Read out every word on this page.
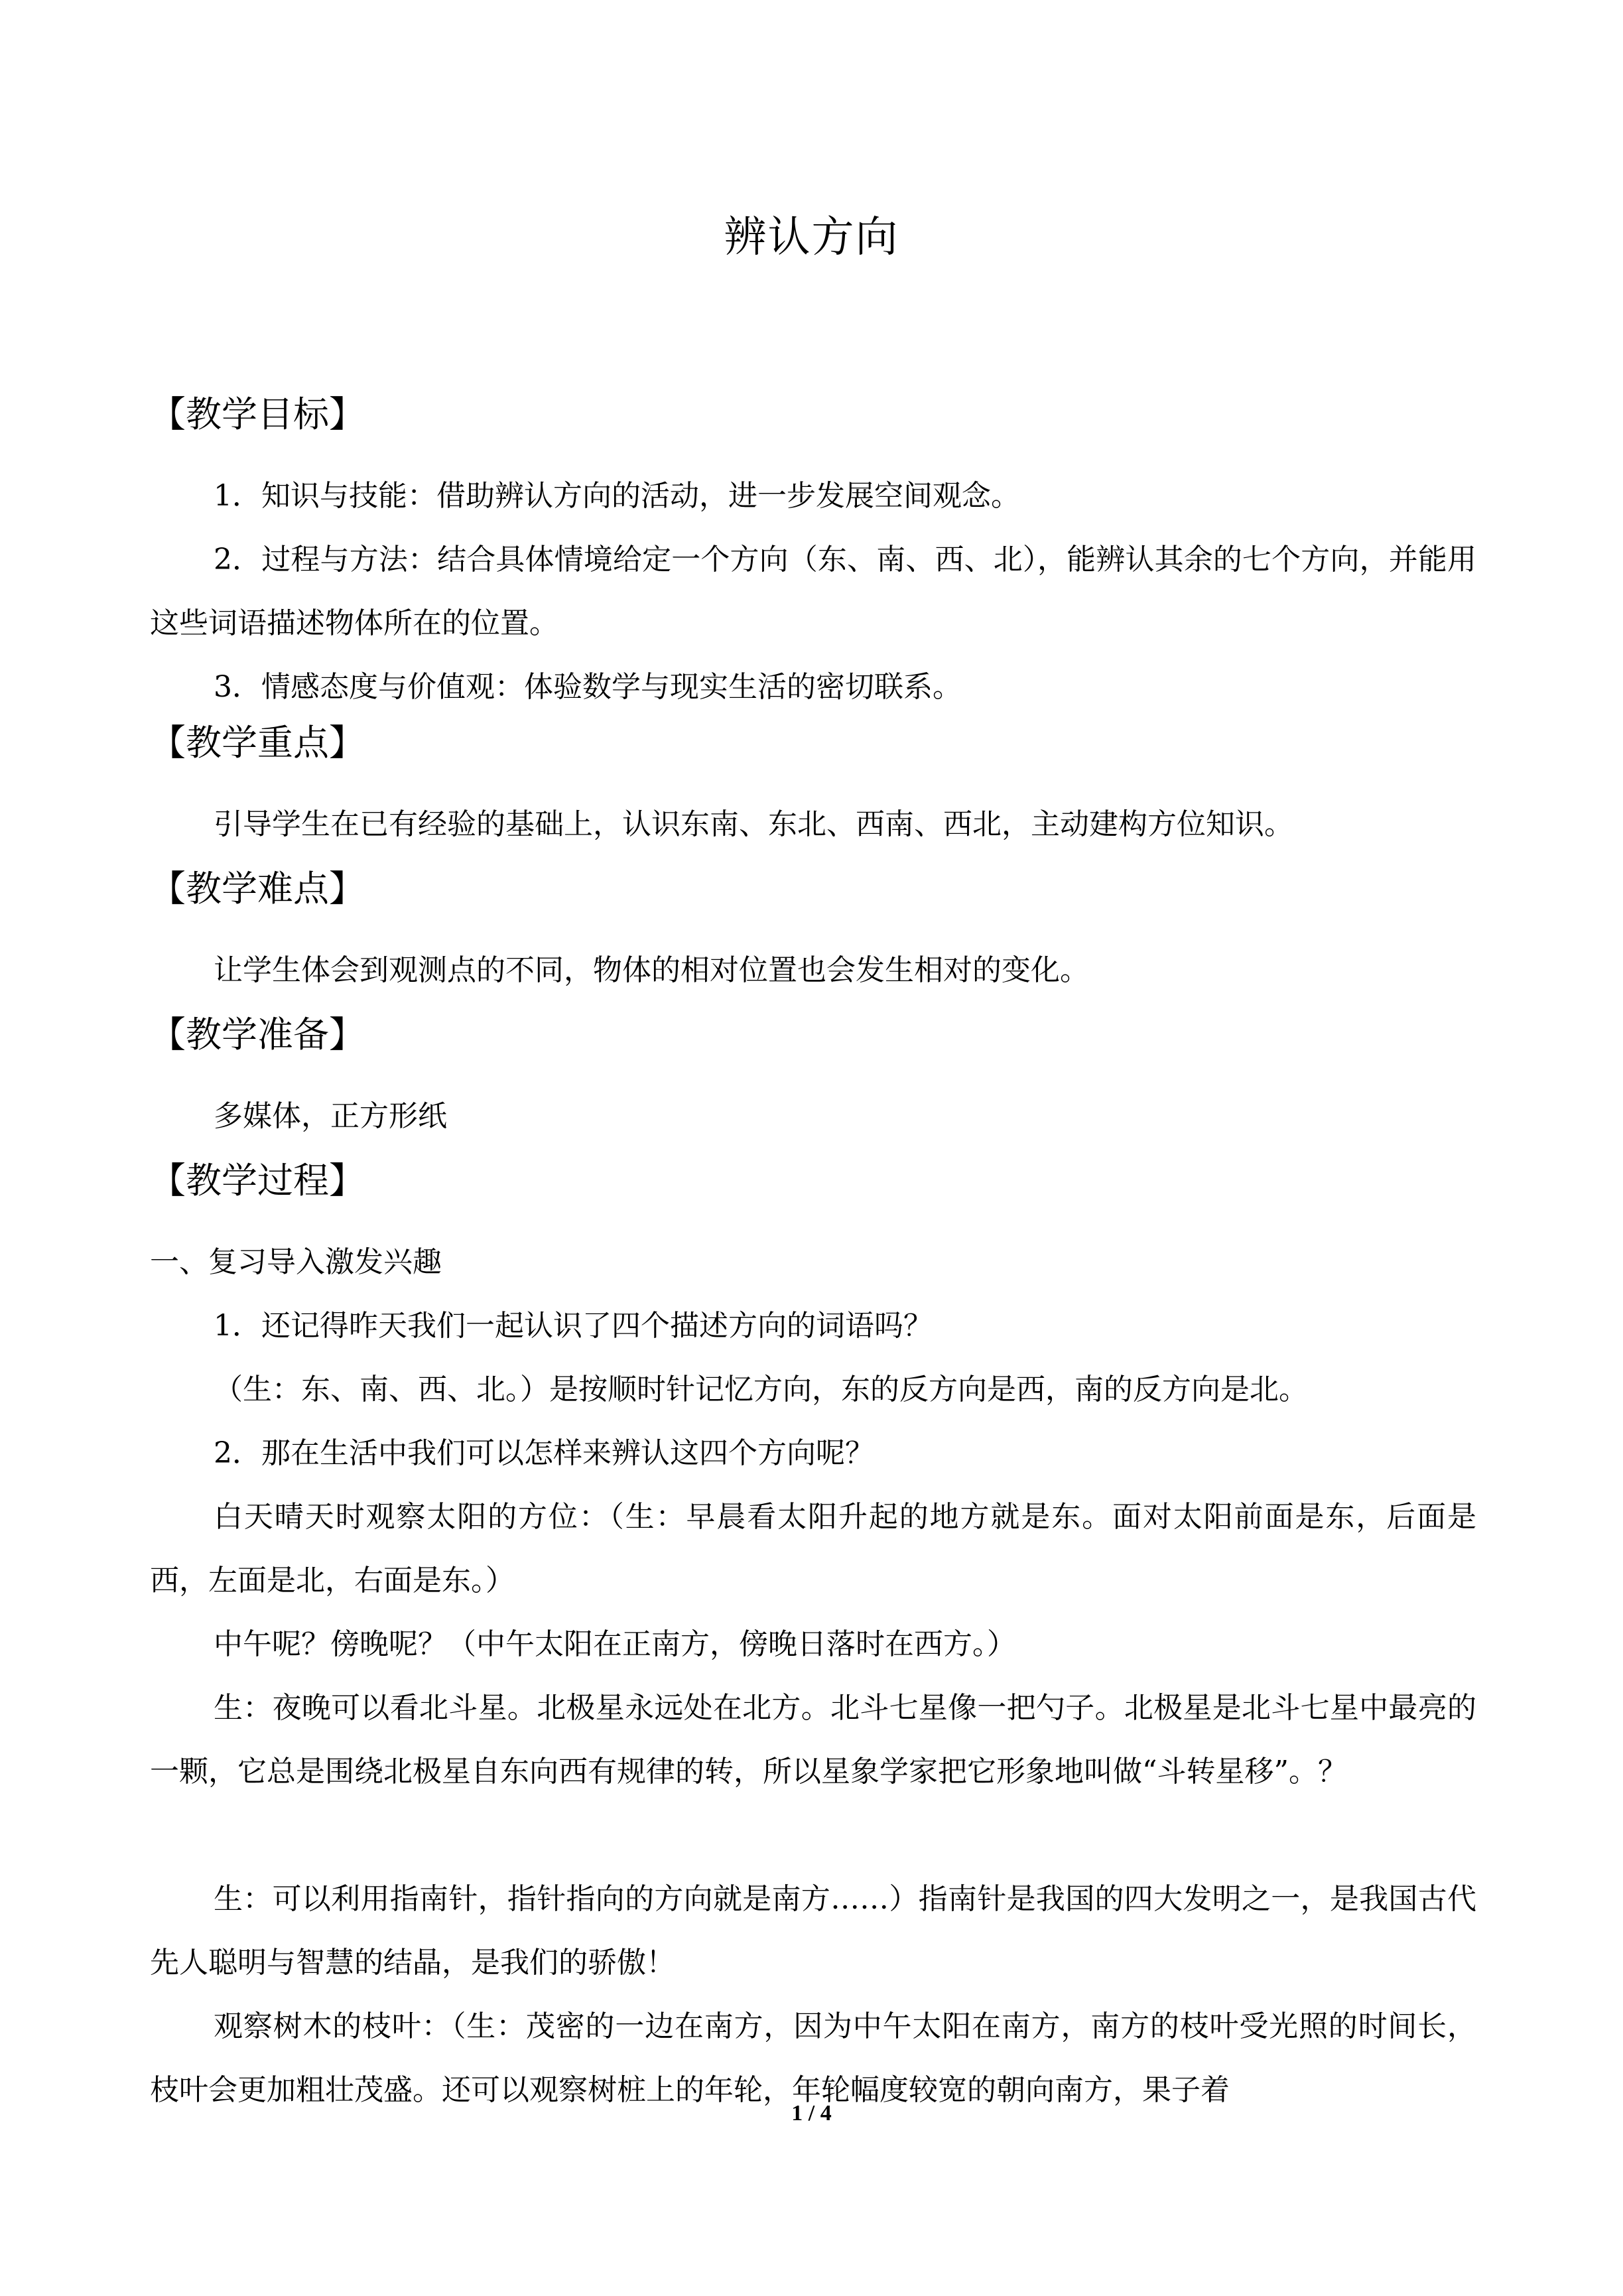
辨认方向
【教学目标】
1．知识与技能：借助辨认方向的活动，进一步发展空间观念。
2．过程与方法：结合具体情境给定一个方向（东、南、西、北），能辨认其余的七个方向，并能用这些词语描述物体所在的位置。
3．情感态度与价值观：体验数学与现实生活的密切联系。
【教学重点】
引导学生在已有经验的基础上，认识东南、东北、西南、西北，主动建构方位知识。
【教学难点】
让学生体会到观测点的不同，物体的相对位置也会发生相对的变化。
【教学准备】
多媒体，正方形纸
【教学过程】
一、复习导入激发兴趣
1．还记得昨天我们一起认识了四个描述方向的词语吗？
（生：东、南、西、北。）是按顺时针记忆方向，东的反方向是西，南的反方向是北。
2．那在生活中我们可以怎样来辨认这四个方向呢？
白天晴天时观察太阳的方位：（生：早晨看太阳升起的地方就是东。面对太阳前面是东，后面是西，左面是北，右面是东。）
中午呢？傍晚呢？（中午太阳在正南方，傍晚日落时在西方。）
生：夜晚可以看北斗星。北极星永远处在北方。北斗七星像一把勺子。北极星是北斗七星中最亮的一颗，它总是围绕北极星自东向西有规律的转，所以星象学家把它形象地叫做“斗转星移”。？
生：可以利用指南针，指针指向的方向就是南方……）指南针是我国的四大发明之一，是我国古代先人聪明与智慧的结晶，是我们的骄傲！
观察树木的枝叶：（生：茂密的一边在南方，因为中午太阳在南方，南方的枝叶受光照的时间长，枝叶会更加粗壮茂盛。还可以观察树桩上的年轮，年轮幅度较宽的朝向南方，果子着
1 / 4
